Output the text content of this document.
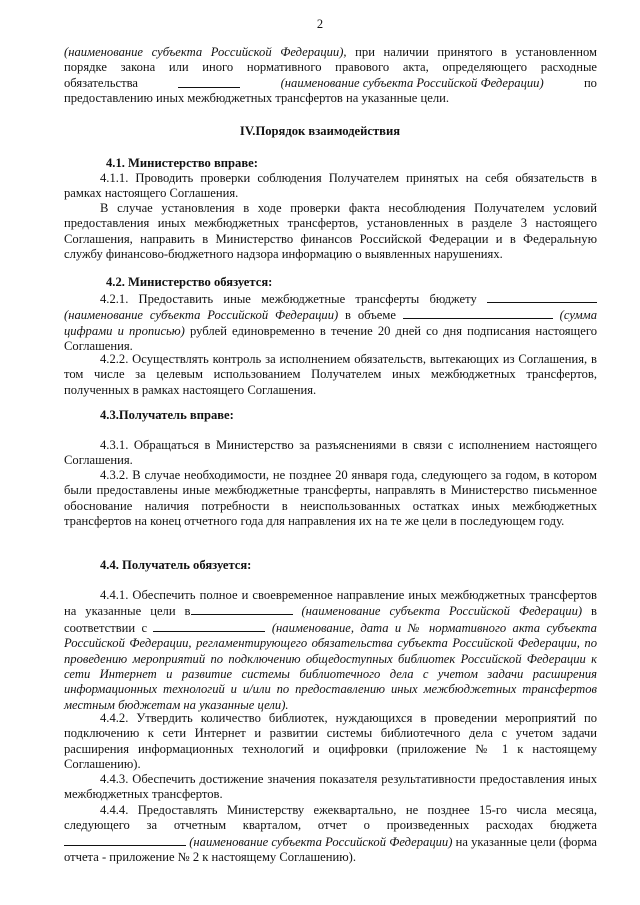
2
(наименование субъекта Российской Федерации), при наличии принятого в установленном
порядке закона или иного нормативного правового акта, определяющего расходные
обязательства	(наименование субъекта Российской Федерации)	по
предоставлению иных межбюджетных трансфертов на указанные цели.
IV.Порядок взаимодействия
4.1. Министерство вправе:
4.1.1. Проводить проверки соблюдения Получателем принятых на себя обязательств в рамках настоящего Соглашения.
В случае установления в ходе проверки факта несоблюдения Получателем условий предоставления иных межбюджетных трансфертов, установленных в разделе 3 настоящего Соглашения, направить в Министерство финансов Российской Федерации и в Федеральную службу финансово-бюджетного надзора информацию о выявленных нарушениях.
4.2. Министерство обязуется:
4.2.1. Предоставить иные межбюджетные трансферты бюджету  (наименование субъекта Российской Федерации) в объеме	(сумма цифрами и прописью) рублей единовременно в течение 20 дней со дня подписания настоящего Соглашения.
4.2.2. Осуществлять контроль за исполнением обязательств, вытекающих из Соглашения, в том числе за целевым использованием Получателем иных межбюджетных трансфертов, полученных в рамках настоящего Соглашения.
4.3.Получатель вправе:
4.3.1. Обращаться в Министерство за разъяснениями в связи с исполнением настоящего Соглашения.
4.3.2. В случае необходимости, не позднее 20 января года, следующего за годом, в котором были предоставлены иные межбюджетные трансферты, направлять в Министерство письменное обоснование наличия потребности в неиспользованных остатках иных межбюджетных трансфертов на конец отчетного года для направления их на те же цели в последующем году.
4.4. Получатель обязуется:
4.4.1. Обеспечить полное и своевременное направление иных межбюджетных трансфертов на указанные цели в	(наименование субъекта Российской Федерации) в соответствии с	(наименование, дата и № нормативного акта субъекта Российской Федерации, регламентирующего обязательства субъекта Российской Федерации, по проведению мероприятий по подключению общедоступных библиотек Российской Федерации к сети Интернет и развитие системы библиотечного дела с учетом задачи расширения информационных технологий и и/или по предоставлению иных межбюджетных трансфертов местным бюджетам на указанные цели).
4.4.2. Утвердить количество библиотек, нуждающихся в проведении мероприятий по подключению к сети Интернет и развитии системы библиотечного дела с учетом задачи расширения информационных технологий и оцифровки (приложение № 1 к настоящему Соглашению).
4.4.3. Обеспечить достижение значения показателя результативности предоставления иных межбюджетных трансфертов.
4.4.4. Предоставлять Министерству ежеквартально, не позднее 15-го числа месяца, следующего за отчетным кварталом, отчет о произведенных расходах бюджета (наименование субъекта Российской Федерации) на указанные цели (форма отчета - приложение № 2 к настоящему Соглашению).
